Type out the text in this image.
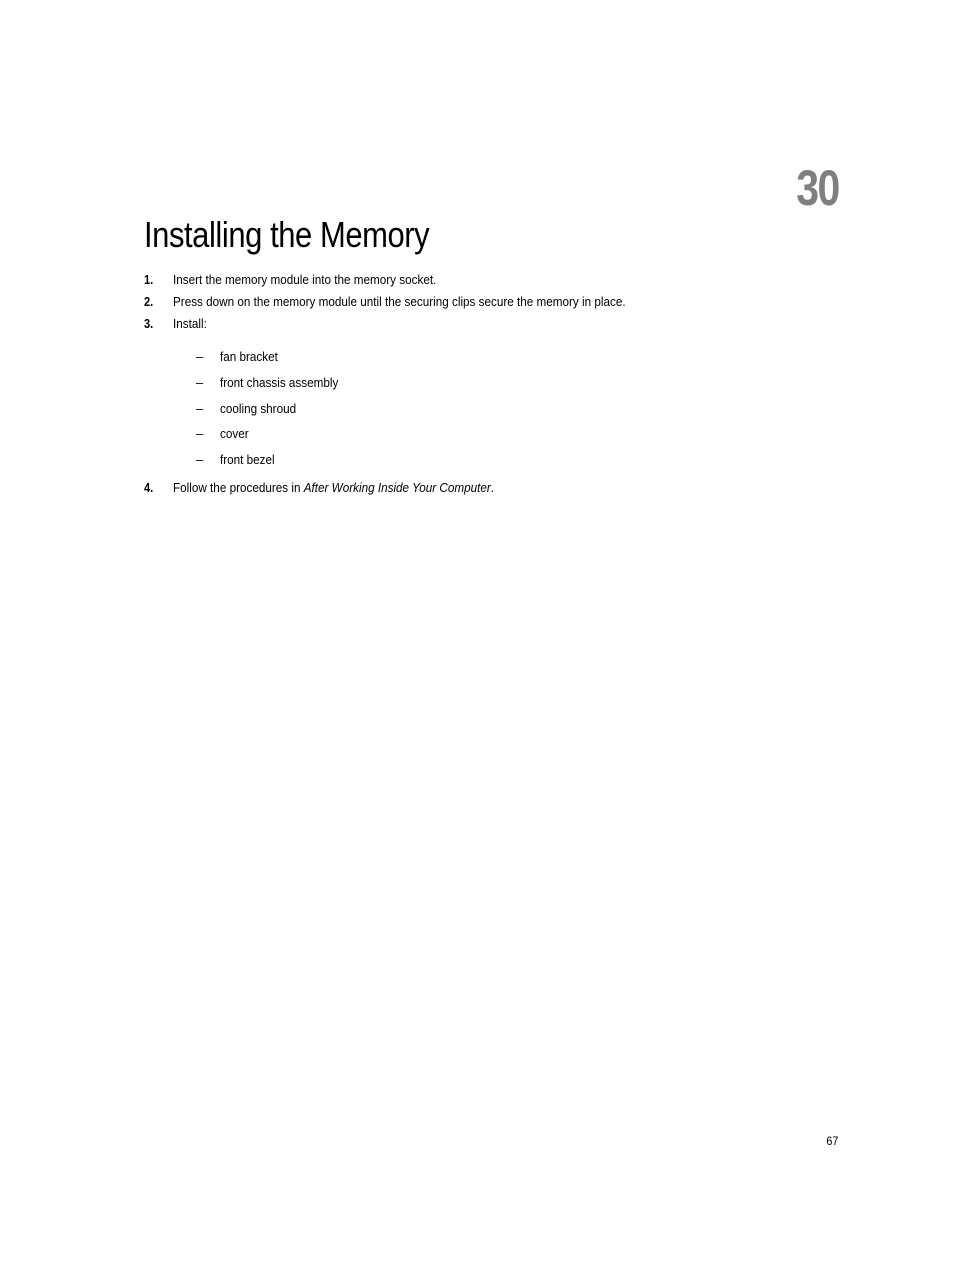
30
Installing the Memory
1. Insert the memory module into the memory socket.
2. Press down on the memory module until the securing clips secure the memory in place.
3. Install:
– fan bracket
– front chassis assembly
– cooling shroud
– cover
– front bezel
4. Follow the procedures in After Working Inside Your Computer.
67
